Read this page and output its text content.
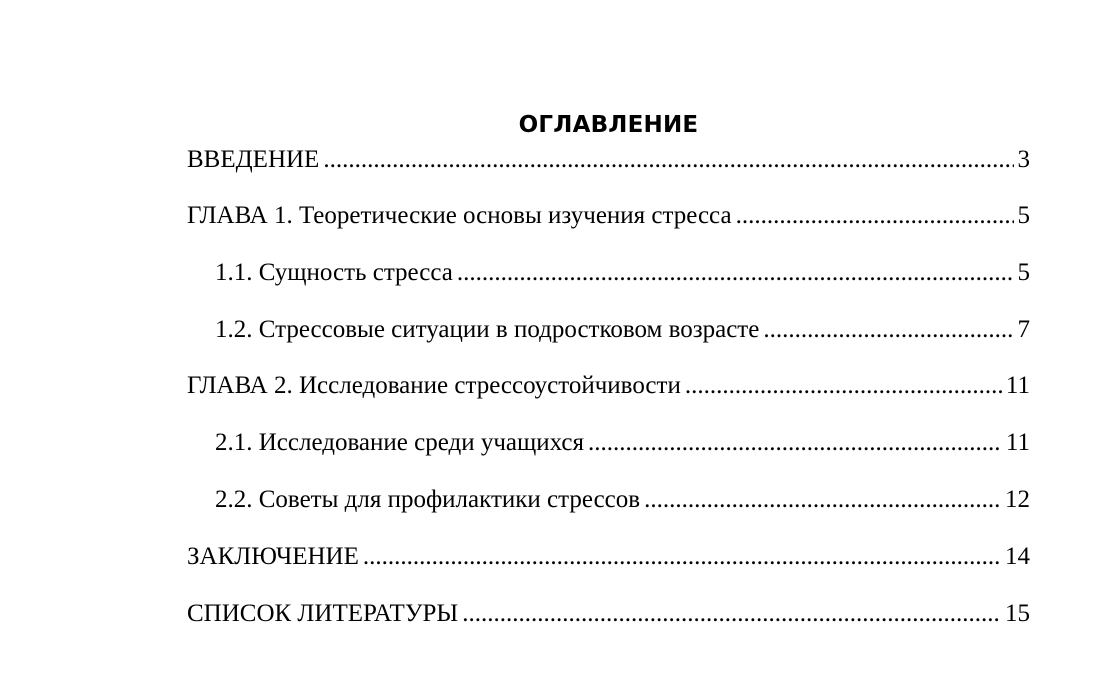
ОГЛАВЛЕНИЕ
ВВЕДЕНИЕ .....	3
ГЛАВА 1. Теоретические основы изучения стресса .....	5
1.1. Сущность стресса .....	5
1.2. Стрессовые ситуации в подростковом возрасте .....	7
ГЛАВА 2. Исследование стрессоустойчивости .....	11
2.1. Исследование среди учащихся .....	11
2.2. Советы для профилактики стрессов .....	12
ЗАКЛЮЧЕНИЕ .....	14
СПИСОК ЛИТЕРАТУРЫ .....	15
